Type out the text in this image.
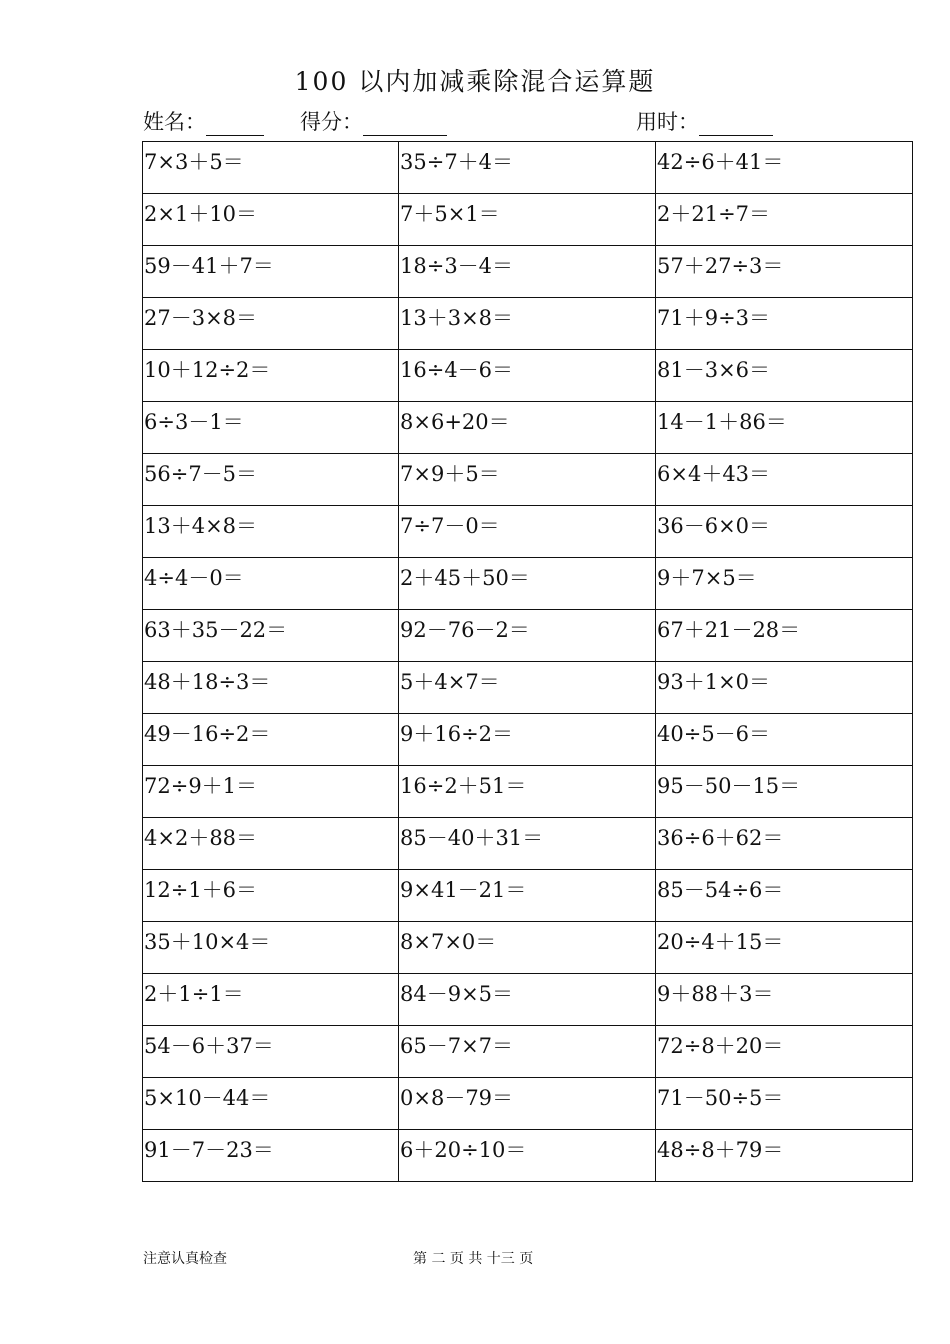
100 以内加减乘除混合运算题
姓名：	得分：	用时：
7×3＋5＝	35÷7＋4＝	42÷6＋41＝
2×1＋10＝	7＋5×1＝	2＋21÷7＝
59－41＋7＝	18÷3－4＝	57＋27÷3＝
27－3×8＝	13＋3×8＝	71＋9÷3＝
10＋12÷2＝	16÷4－6＝	81－3×6＝
6÷3－1＝	8×6+20＝	14－1＋86＝
56÷7－5＝	7×9＋5＝	6×4＋43＝
13＋4×8＝	7÷7－0＝	36－6×0＝
4÷4－0＝	2＋45＋50＝	9＋7×5＝
63＋35－22＝	92－76－2＝	67＋21－28＝
48＋18÷3＝	5＋4×7＝	93＋1×0＝
49－16÷2＝	9＋16÷2＝	40÷5－6＝
72÷9＋1＝	16÷2＋51＝	95－50－15＝
4×2＋88＝	85－40＋31＝	36÷6＋62＝
12÷1＋6＝	9×41－21＝	85－54÷6＝
35＋10×4＝	8×7×0＝	20÷4＋15＝
2＋1÷1＝	84－9×5＝	9＋88＋3＝
54－6＋37＝	65－7×7＝	72÷8＋20＝
5×10－44＝	0×8－79＝	71－50÷5＝
91－7－23＝	6＋20÷10＝	48÷8＋79＝
注意认真检查	第 二 页 共 十三 页
